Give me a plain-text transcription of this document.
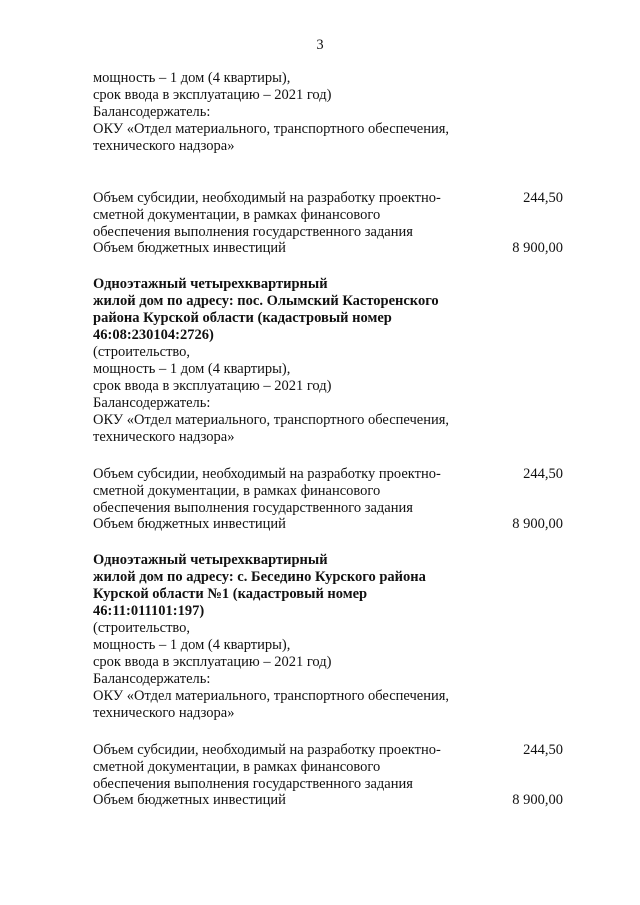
3
мощность – 1 дом (4 квартиры),
срок ввода в эксплуатацию – 2021 год)
Балансодержатель:
ОКУ «Отдел материального, транспортного обеспечения,
технического надзора»
Объем субсидии, необходимый на разработку проектно-	244,50
сметной документации, в рамках финансового
обеспечения выполнения государственного задания
Объем бюджетных инвестиций	8 900,00
Одноэтажный четырехквартирный
жилой дом по адресу: пос. Олымский Касторенского
района Курской области (кадастровый номер
46:08:230104:2726)
(строительство,
мощность – 1 дом (4 квартиры),
срок ввода в эксплуатацию – 2021 год)
Балансодержатель:
ОКУ «Отдел материального, транспортного обеспечения,
технического надзора»
Объем субсидии, необходимый на разработку проектно-	244,50
сметной документации, в рамках финансового
обеспечения выполнения государственного задания
Объем бюджетных инвестиций	8 900,00
Одноэтажный четырехквартирный
жилой дом по адресу: с. Беседино Курского района
Курской области №1 (кадастровый номер
46:11:011101:197)
(строительство,
мощность – 1 дом (4 квартиры),
срок ввода в эксплуатацию – 2021 год)
Балансодержатель:
ОКУ «Отдел материального, транспортного обеспечения,
технического надзора»
Объем субсидии, необходимый на разработку проектно-	244,50
сметной документации, в рамках финансового
обеспечения выполнения государственного задания
Объем бюджетных инвестиций	8 900,00
